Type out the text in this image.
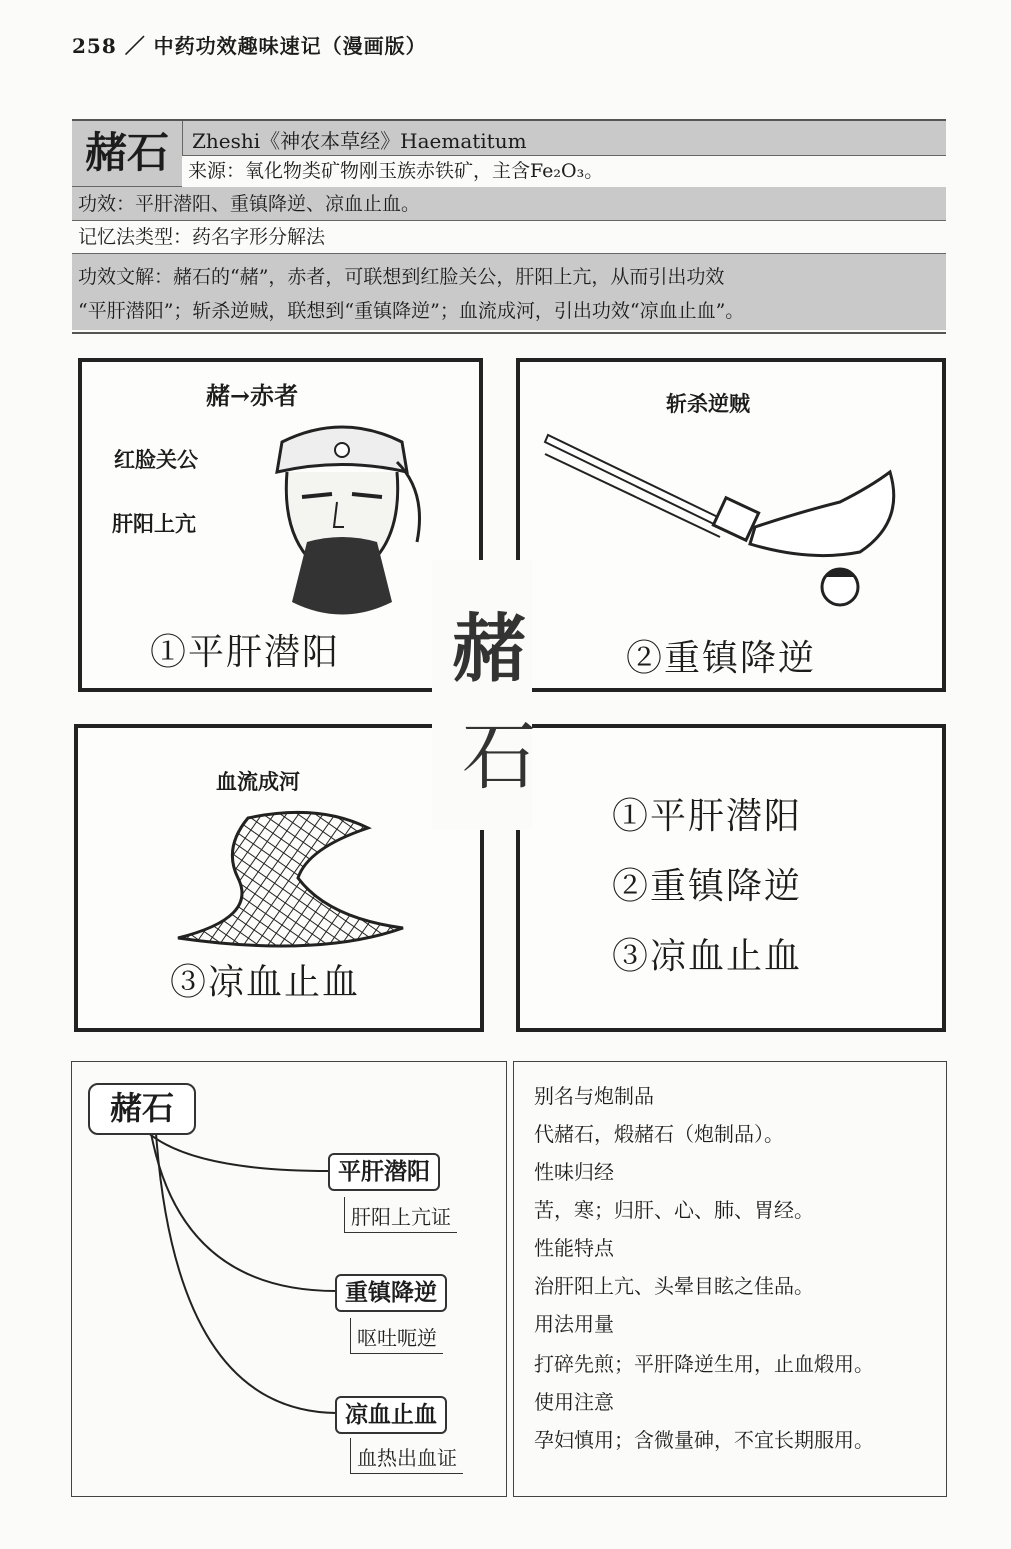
258 ／ 中药功效趣味速记（漫画版）
赭石	Zheshi《神农本草经》Haematitum
来源：氧化物类矿物刚玉族赤铁矿，主含Fe₂O₃。
功效：平肝潜阳、重镇降逆、凉血止血。
记忆法类型：药名字形分解法
功效文解：赭石的“赭”，赤者，可联想到红脸关公，肝阳上亢，从而引出功效
“平肝潜阳”；斩杀逆贼，联想到“重镇降逆”；血流成河，引出功效“凉血止血”。
赭→赤者
红脸关公
肝阳上亢
①平肝潜阳
斩杀逆贼
②重镇降逆
血流成河
③凉血止血
①平肝潜阳
②重镇降逆
③凉血止血
赭
石
赭石
平肝潜阳
肝阳上亢证
重镇降逆
呕吐呃逆
凉血止血
血热出血证
别名与炮制品
代赭石，煅赭石（炮制品）。
性味归经
苦，寒；归肝、心、肺、胃经。
性能特点
治肝阳上亢、头晕目眩之佳品。
用法用量
打碎先煎；平肝降逆生用，止血煅用。
使用注意
孕妇慎用；含微量砷，不宜长期服用。
